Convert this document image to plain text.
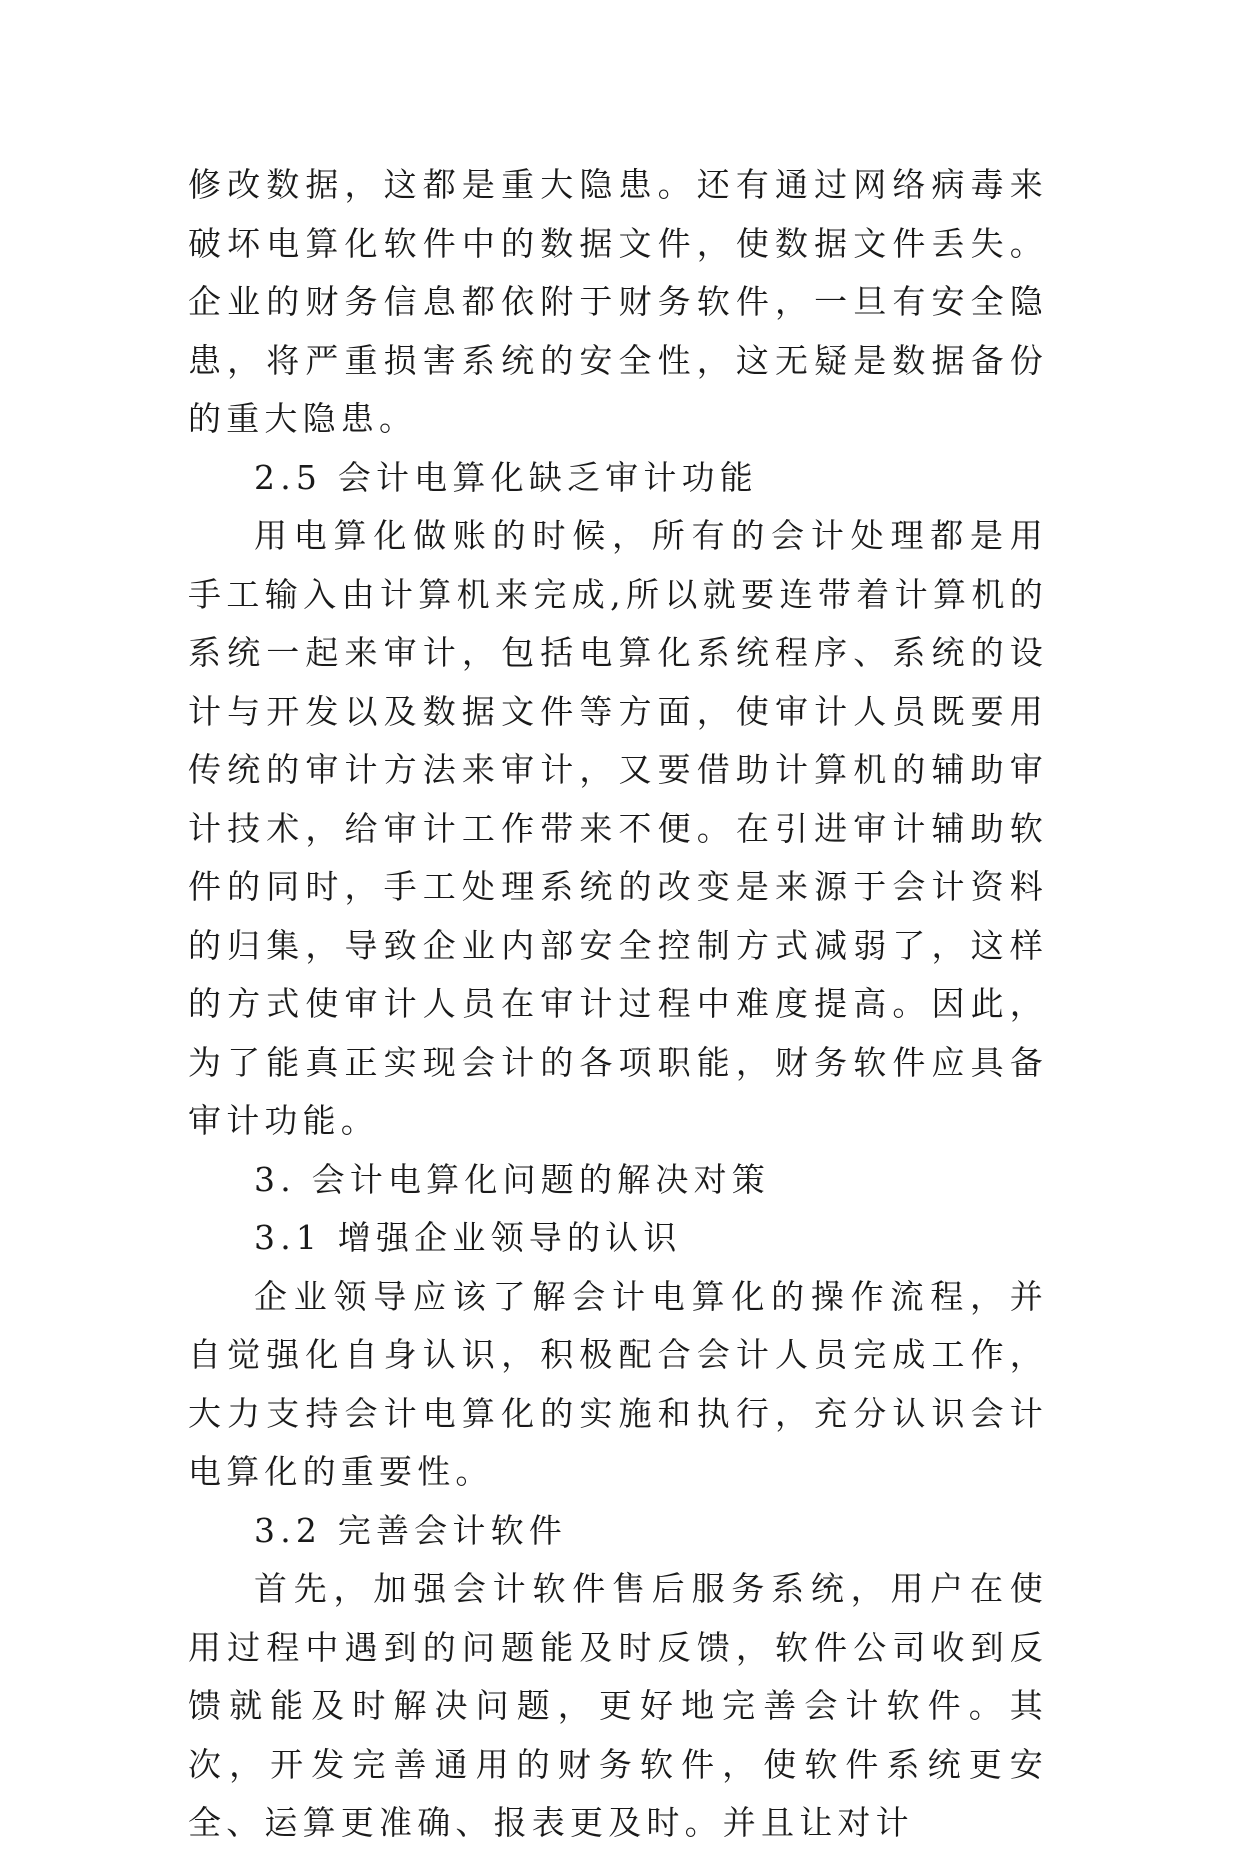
修改数据，这都是重大隐患。还有通过网络病毒来破坏电算化软件中的数据文件，使数据文件丢失。企业的财务信息都依附于财务软件，一旦有安全隐患，将严重损害系统的安全性，这无疑是数据备份的重大隐患。

2.5 会计电算化缺乏审计功能

用电算化做账的时候，所有的会计处理都是用手工输入由计算机来完成,所以就要连带着计算机的系统一起来审计，包括电算化系统程序、系统的设计与开发以及数据文件等方面，使审计人员既要用传统的审计方法来审计，又要借助计算机的辅助审计技术，给审计工作带来不便。在引进审计辅助软件的同时，手工处理系统的改变是来源于会计资料的归集，导致企业内部安全控制方式减弱了，这样的方式使审计人员在审计过程中难度提高。因此，为了能真正实现会计的各项职能，财务软件应具备审计功能。

3. 会计电算化问题的解决对策

3.1 增强企业领导的认识

企业领导应该了解会计电算化的操作流程，并自觉强化自身认识，积极配合会计人员完成工作，大力支持会计电算化的实施和执行，充分认识会计电算化的重要性。

3.2 完善会计软件

首先，加强会计软件售后服务系统，用户在使用过程中遇到的问题能及时反馈，软件公司收到反馈就能及时解决问题，更好地完善会计软件。其次，开发完善通用的财务软件，使软件系统更安全、运算更准确、报表更及时。并且让对计
